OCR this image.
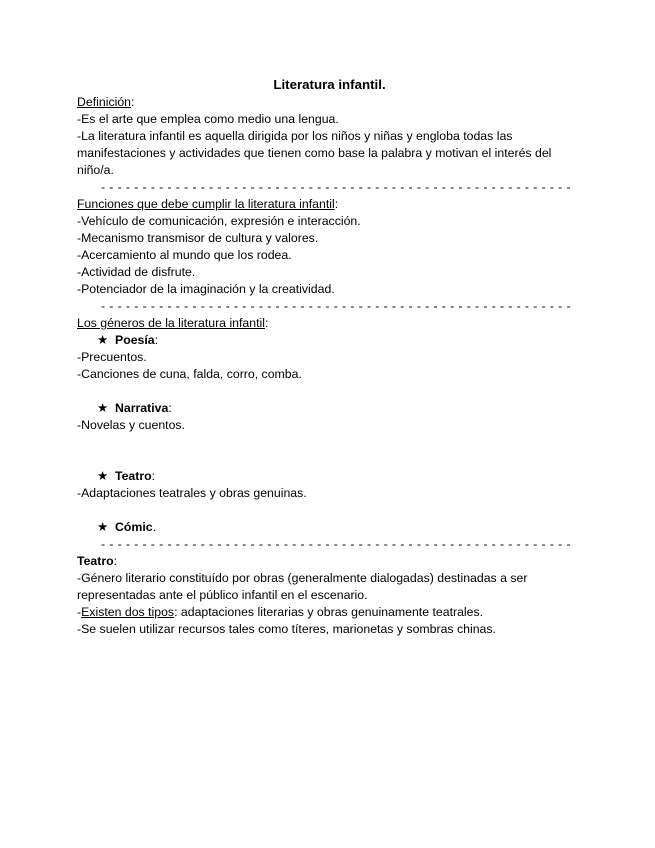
Literatura infantil.
Definición:
-Es el arte que emplea como medio una lengua.
-La literatura infantil es aquella dirigida por los niños y niñas y engloba todas las manifestaciones y actividades que tienen como base la palabra y motivan el interés del niño/a.
- - - - - - - - - - - - - - - - - - - - - - - - - - - - - - - - - - - - - - - - - - - - - - - - - - - - - - - - -
Funciones que debe cumplir la literatura infantil:
-Vehículo de comunicación, expresión e interacción.
-Mecanismo transmisor de cultura y valores.
-Acercamiento al mundo que los rodea.
-Actividad de disfrute.
-Potenciador de la imaginación y la creatividad.
- - - - - - - - - - - - - - - - - - - - - - - - - - - - - - - - - - - - - - - - - - - - - - - - - - - - - - - - -
Los géneros de la literatura infantil:
★ Poesía:
-Precuentos.
-Canciones de cuna, falda, corro, comba.
★ Narrativa:
-Novelas y cuentos.
★ Teatro:
-Adaptaciones teatrales y obras genuinas.
★ Cómic.
- - - - - - - - - - - - - - - - - - - - - - - - - - - - - - - - - - - - - - - - - - - - - - - - - - - - - - - - -
Teatro:
-Género literario constituído por obras (generalmente dialogadas) destinadas a ser representadas ante el público infantil en el escenario.
-Existen dos tipos: adaptaciones literarias y obras genuinamente teatrales.
-Se suelen utilizar recursos tales como títeres, marionetas y sombras chinas.
